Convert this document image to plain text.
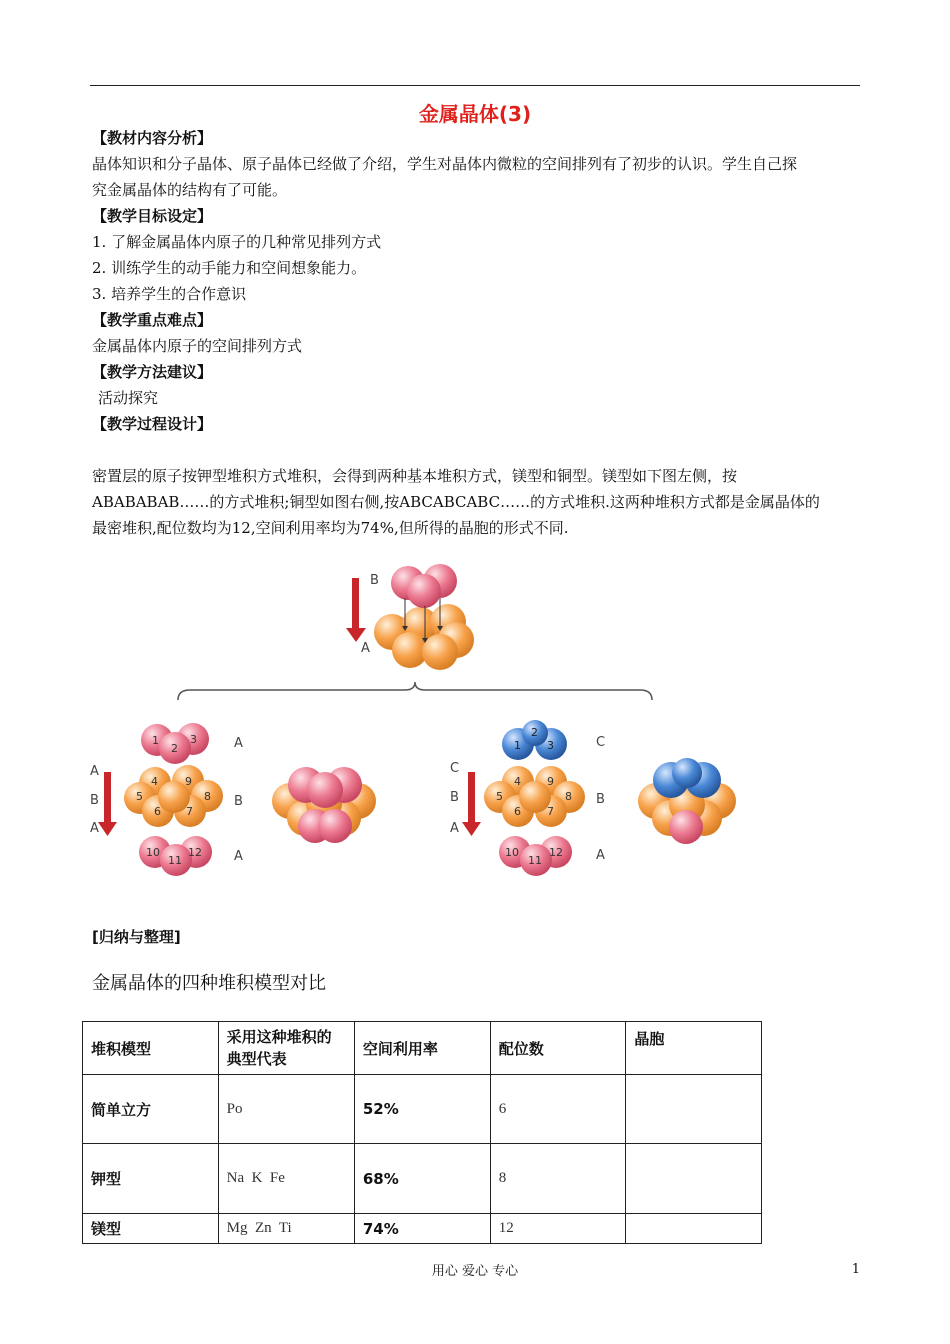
金属晶体(3)
【教材内容分析】
晶体知识和分子晶体、原子晶体已经做了介绍，学生对晶体内微粒的空间排列有了初步的认识。学生自己探
究金属晶体的结构有了可能。
【教学目标设定】
1. 了解金属晶体内原子的几种常见排列方式
2. 训练学生的动手能力和空间想象能力。
3. 培养学生的合作意识
【教学重点难点】
金属晶体内原子的空间排列方式
【教学方法建议】
活动探究
【教学过程设计】
密置层的原子按钾型堆积方式堆积，会得到两种基本堆积方式，镁型和铜型。镁型如下图左侧，按
ABABABAB……的方式堆积;铜型如图右侧,按ABCABCABC……的方式堆积.这两种堆积方式都是金属晶体的
最密堆积,配位数均为12,空间利用率均为74%,但所得的晶胞的形式不同.
B
A
1
2
3
4
5
6 7
8
9
10
11
12
A
B
A
A
B
A
1
2
3
4
5
6 7
8
9
10
11
12
C
B
A
C
B
A
[归纳与整理]
金属晶体的四种堆积模型对比
堆积模型	采用这种堆积的典型代表	空间利用率	配位数	晶胞
简单立方	Po	52%	6	
钾型	Na  K  Fe	68%	8	
镁型	Mg  Zn  Ti	74%	12	
用心 爱心 专心	1
